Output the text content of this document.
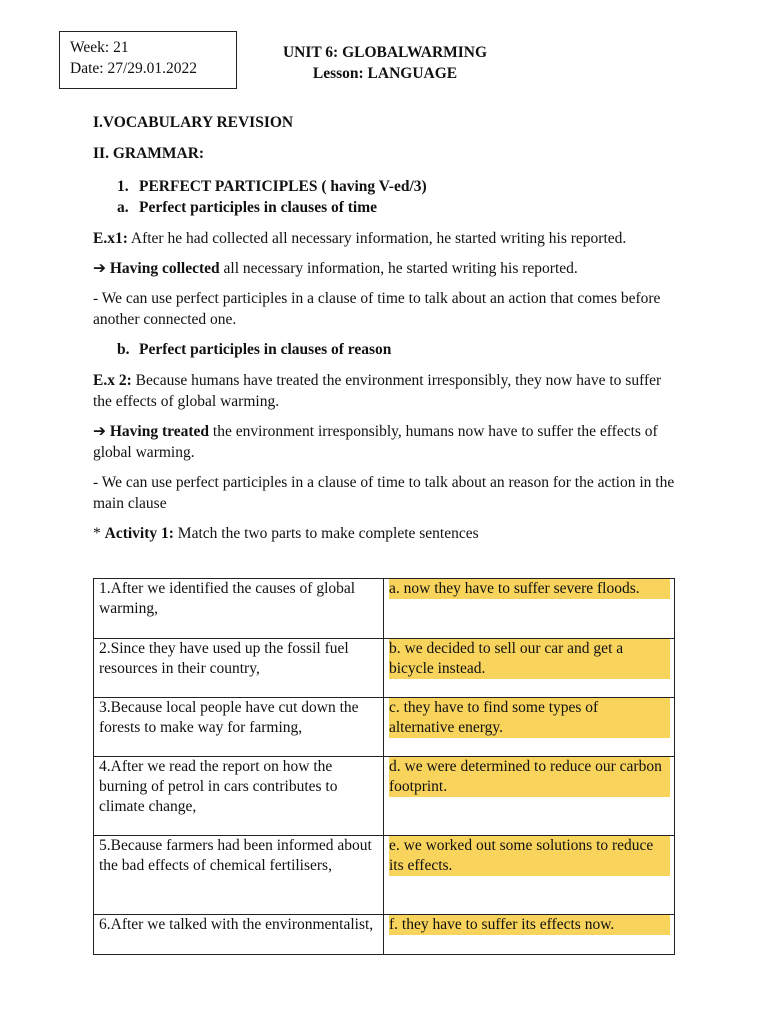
Week: 21
Date: 27/29.01.2022
UNIT 6: GLOBALWARMING
Lesson: LANGUAGE
I.VOCABULARY REVISION
II. GRAMMAR:
1. PERFECT PARTICIPLES ( having V-ed/3)
a. Perfect participles in clauses of time

E.x1: After he had collected all necessary information, he started writing his reported.

➔ Having collected all necessary information, he started writing his reported.

- We can use perfect participles in a clause of time to talk about an action that comes before another connected one.

b. Perfect participles in clauses of reason

E.x 2: Because humans have treated the environment irresponsibly, they now have to suffer the effects of global warming.

➔ Having treated the environment irresponsibly, humans now have to suffer the effects of global warming.

- We can use perfect participles in a clause of time to talk about an reason for the action in the main clause

* Activity 1: Match the two parts to make complete sentences

1.After we identified the causes of global warming,	a. now they have to suffer severe floods.

2.Since they have used up the fossil fuel resources in their country,	b. we decided to sell our car and get a bicycle instead.

3.Because local people have cut down the forests to make way for farming,	c. they have to find some types of alternative energy.

4.After we read the report on how the burning of petrol in cars contributes to climate change,	d. we were determined to reduce our carbon footprint.

5.Because farmers had been informed about the bad effects of chemical fertilisers,	e. we worked out some solutions to reduce its effects.

6.After we talked with the environmentalist,	f. they have to suffer its effects now.
